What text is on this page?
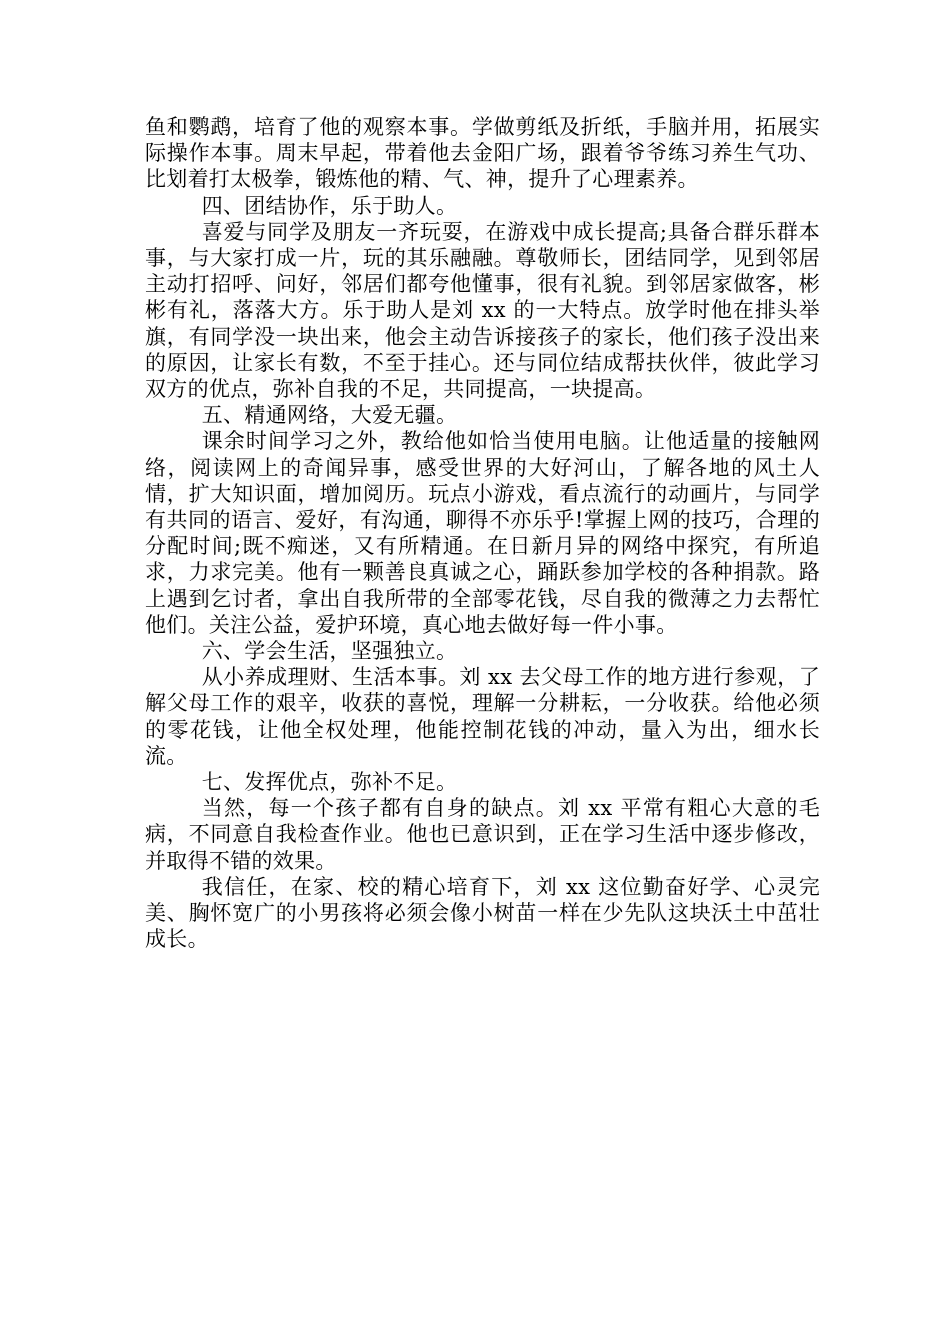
鱼和鹦鹉，培育了他的观察本事。学做剪纸及折纸，手脑并用，拓展实际操作本事。周末早起，带着他去金阳广场，跟着爷爷练习养生气功、比划着打太极拳，锻炼他的精、气、神，提升了心理素养。

四、团结协作，乐于助人。

喜爱与同学及朋友一齐玩耍，在游戏中成长提高;具备合群乐群本事，与大家打成一片，玩的其乐融融。尊敬师长，团结同学，见到邻居主动打招呼、问好，邻居们都夸他懂事，很有礼貌。到邻居家做客，彬彬有礼，落落大方。乐于助人是刘 xx 的一大特点。放学时他在排头举旗，有同学没一块出来，他会主动告诉接孩子的家长，他们孩子没出来的原因，让家长有数，不至于挂心。还与同位结成帮扶伙伴，彼此学习双方的优点，弥补自我的不足，共同提高，一块提高。

五、精通网络，大爱无疆。

课余时间学习之外，教给他如恰当使用电脑。让他适量的接触网络，阅读网上的奇闻异事，感受世界的大好河山，了解各地的风土人情，扩大知识面，增加阅历。玩点小游戏，看点流行的动画片，与同学有共同的语言、爱好，有沟通，聊得不亦乐乎!掌握上网的技巧，合理的分配时间;既不痴迷，又有所精通。在日新月异的网络中探究，有所追求，力求完美。他有一颗善良真诚之心，踊跃参加学校的各种捐款。路上遇到乞讨者，拿出自我所带的全部零花钱，尽自我的微薄之力去帮忙他们。关注公益，爱护环境，真心地去做好每一件小事。

六、学会生活，坚强独立。

从小养成理财、生活本事。刘 xx 去父母工作的地方进行参观，了解父母工作的艰辛，收获的喜悦，理解一分耕耘，一分收获。给他必须的零花钱，让他全权处理，他能控制花钱的冲动，量入为出，细水长流。

七、发挥优点，弥补不足。

当然，每一个孩子都有自身的缺点。刘 xx 平常有粗心大意的毛病，不同意自我检查作业。他也已意识到，正在学习生活中逐步修改，并取得不错的效果。

我信任，在家、校的精心培育下，刘 xx 这位勤奋好学、心灵完美、胸怀宽广的小男孩将必须会像小树苗一样在少先队这块沃土中茁壮成长。
